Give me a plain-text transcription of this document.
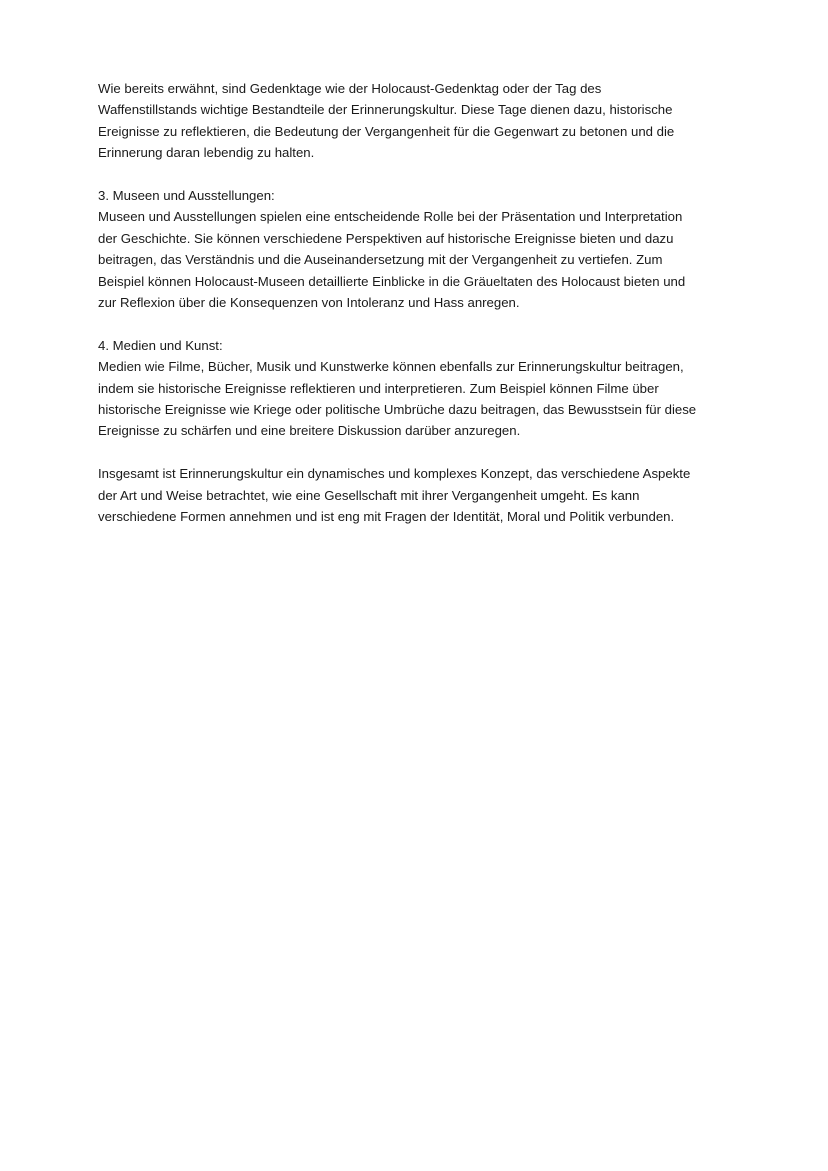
Wie bereits erwähnt, sind Gedenktage wie der Holocaust-Gedenktag oder der Tag des
Waffenstillstands wichtige Bestandteile der Erinnerungskultur. Diese Tage dienen dazu, historische
Ereignisse zu reflektieren, die Bedeutung der Vergangenheit für die Gegenwart zu betonen und die
Erinnerung daran lebendig zu halten.

3. Museen und Ausstellungen:
Museen und Ausstellungen spielen eine entscheidende Rolle bei der Präsentation und Interpretation
der Geschichte. Sie können verschiedene Perspektiven auf historische Ereignisse bieten und dazu
beitragen, das Verständnis und die Auseinandersetzung mit der Vergangenheit zu vertiefen. Zum
Beispiel können Holocaust-Museen detaillierte Einblicke in die Gräueltaten des Holocaust bieten und
zur Reflexion über die Konsequenzen von Intoleranz und Hass anregen.

4. Medien und Kunst:
Medien wie Filme, Bücher, Musik und Kunstwerke können ebenfalls zur Erinnerungskultur beitragen,
indem sie historische Ereignisse reflektieren und interpretieren. Zum Beispiel können Filme über
historische Ereignisse wie Kriege oder politische Umbrüche dazu beitragen, das Bewusstsein für diese
Ereignisse zu schärfen und eine breitere Diskussion darüber anzuregen.

Insgesamt ist Erinnerungskultur ein dynamisches und komplexes Konzept, das verschiedene Aspekte
der Art und Weise betrachtet, wie eine Gesellschaft mit ihrer Vergangenheit umgeht. Es kann
verschiedene Formen annehmen und ist eng mit Fragen der Identität, Moral und Politik verbunden.
